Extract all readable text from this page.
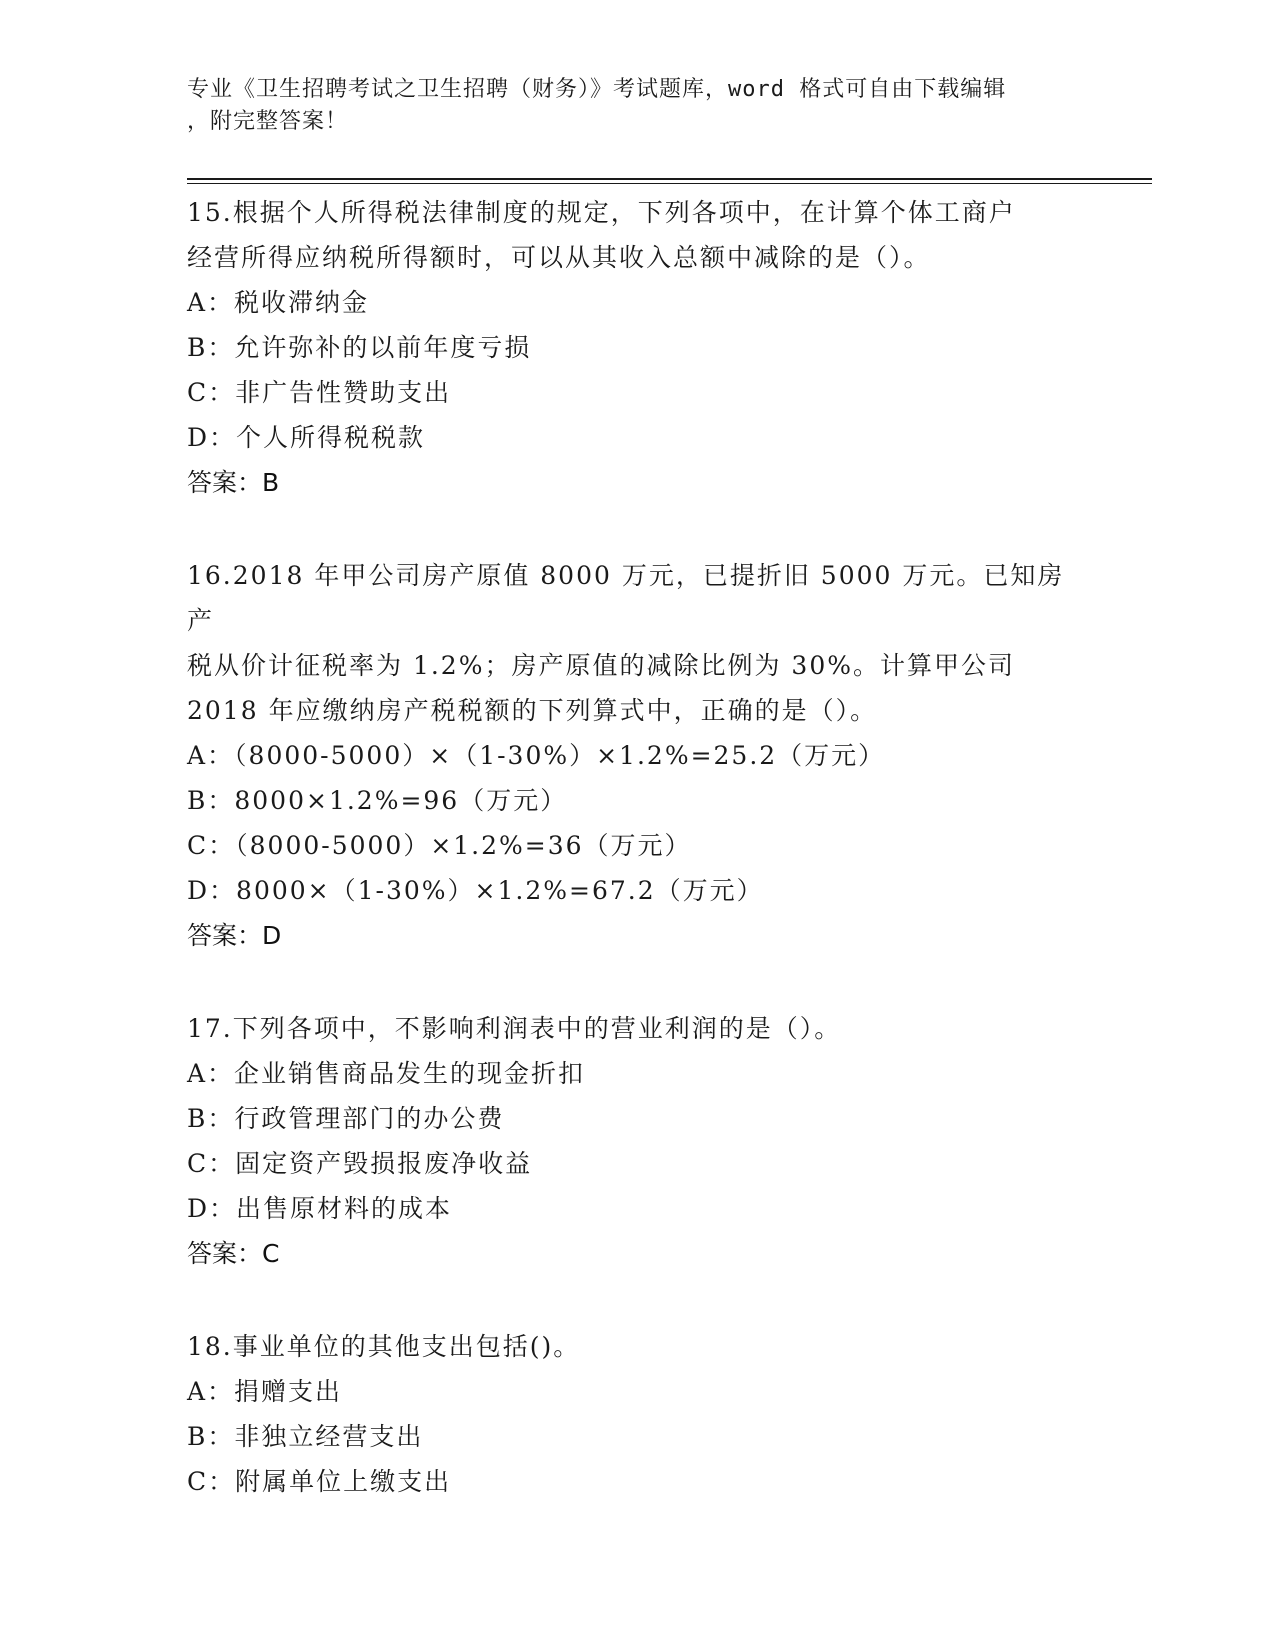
专业《卫生招聘考试之卫生招聘（财务）》考试题库，word 格式可自由下载编辑
，附完整答案！

15.根据个人所得税法律制度的规定，下列各项中，在计算个体工商户

经营所得应纳税所得额时，可以从其收入总额中减除的是（）。

A：税收滞纳金

B：允许弥补的以前年度亏损

C：非广告性赞助支出

D：个人所得税税款

答案：B

16.2018 年甲公司房产原值 8000 万元，已提折旧 5000 万元。已知房产

税从价计征税率为 1.2%；房产原值的减除比例为 30%。计算甲公司

2018 年应缴纳房产税税额的下列算式中，正确的是（）。

A：（8000-5000）×（1-30%）×1.2%=25.2（万元）

B：8000×1.2%=96（万元）

C：（8000-5000）×1.2%=36（万元）

D：8000×（1-30%）×1.2%=67.2（万元）

答案：D

17.下列各项中，不影响利润表中的营业利润的是（）。

A：企业销售商品发生的现金折扣

B：行政管理部门的办公费

C：固定资产毁损报废净收益

D：出售原材料的成本

答案：C

18.事业单位的其他支出包括()。

A：捐赠支出

B：非独立经营支出

C：附属单位上缴支出
